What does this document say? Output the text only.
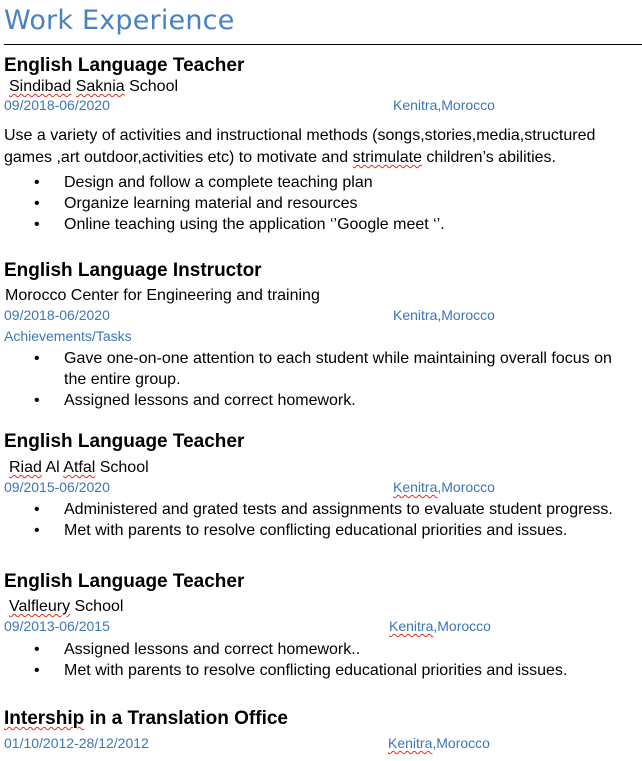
Work Experience
English Language Teacher
Sindibad Saknia School
09/2018-06/2020	Kenitra,Morocco

Use a variety of activities and instructional methods (songs,stories,media,structured games ,art outdoor,activities etc) to motivate and strimulate children’s abilities.

• Design and follow a complete teaching plan
• Organize learning material and resources
• Online teaching using the application ‘’Google meet ‘’.
English Language Instructor
Morocco Center for Engineering and training
09/2018-06/2020	Kenitra,Morocco
Achievements/Tasks
• Gave one-on-one attention to each student while maintaining overall focus on the entire group.
• Assigned lessons and correct homework.
English Language Teacher
Riad Al Atfal School
09/2015-06/2020	Kenitra,Morocco
• Administered and grated tests and assignments to evaluate student progress.
• Met with parents to resolve conflicting educational priorities and issues.
English Language Teacher
Valfleury School
09/2013-06/2015	Kenitra,Morocco
• Assigned lessons and correct homework..
• Met with parents to resolve conflicting educational priorities and issues.
Intership in a Translation Office
01/10/2012-28/12/2012	Kenitra,Morocco
